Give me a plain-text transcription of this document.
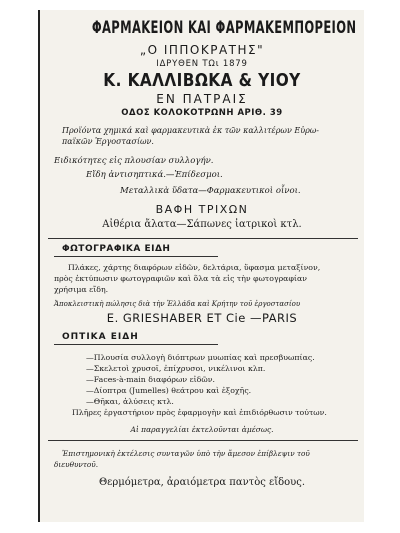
ΦΑΡΜΑΚΕΙΟΝ ΚΑΙ ΦΑΡΜΑΚΕΜΠΟΡΕΙΟΝ
„Ο ΙΠΠΟΚΡΑΤΗΣ"
ΙΔΡΥΘΕΝ ΤΩι 1879
Κ. ΚΑΛΛΙΒΩΚΑ & ΥΙΟΥ
ΕΝ ΠΑΤΡΑΙΣ
ΟΔΟΣ ΚΟΛΟΚΟΤΡΩΝΗ ΑΡΙΘ. 39
Προϊόντα χημικά καὶ φαρμακευτικὰ ἐκ τῶν καλλιτέρων Εὐρω-
παϊκῶν Ἐργοστασίων.
Ειδικότητες εἰς πλουσίαν συλλογήν.
Εἴδη ἀντισηπτικά.—Ἐπίδεσμοι.
Μεταλλικὰ ὕδατα—Φαρμακευτικοὶ οἶνοι.
ΒΑΦΗ ΤΡΙΧΩΝ
Αἰθέρια ἄλατα—Σάπωνες ἰατρικοὶ κτλ.
ΦΩΤΟΓΡΑΦΙΚΑ ΕΙΔΗ
Πλάκες, χάρτης διαφόρων εἰδῶν, δελτάρια, ὕφασμα μεταξίνον,
πρὸς ἐκτύπωσιν φωτογραφιῶν καὶ ὅλα τὰ εἰς τὴν φωτογραφίαν
χρήσιμα εἴδη.
Ἀποκλειστικὴ πώλησις διὰ τὴν Ἑλλάδα καὶ Κρήτην τοῦ ἐργοστασίου
E. GRIESHABER ET Cie —PARIS
ΟΠΤΙΚΑ ΕΙΔΗ
—Πλουσία συλλογὴ διόπτρων μυωπίας καὶ πρεσβυωπίας.
—Σκελετοὶ χρυσοῖ, ἐπίχρυσοι, νικέλινοι κλπ.
—Faces-à-main διαφόρων εἰδῶν.
—Δίοπτρα (Jumelles) θεάτρου καὶ ἐξοχῆς.
—Θῆκαι, ἁλύσεις κτλ.
Πλῆρες ἐργαστήριον πρὸς ἐφαρμογὴν καὶ ἐπιδιόρθωσιν τούτων.
Αἱ παραγγελίαι ἐκτελοῦνται ἀμέσως.
Ἐπιστημονικὴ ἐκτέλεσις συνταγῶν ὑπὸ τὴν ἄμεσον ἐπίβλεψιν τοῦ
διευθυντοῦ.
Θερμόμετρα, ἀραιόμετρα παντὸς εἴδους.
